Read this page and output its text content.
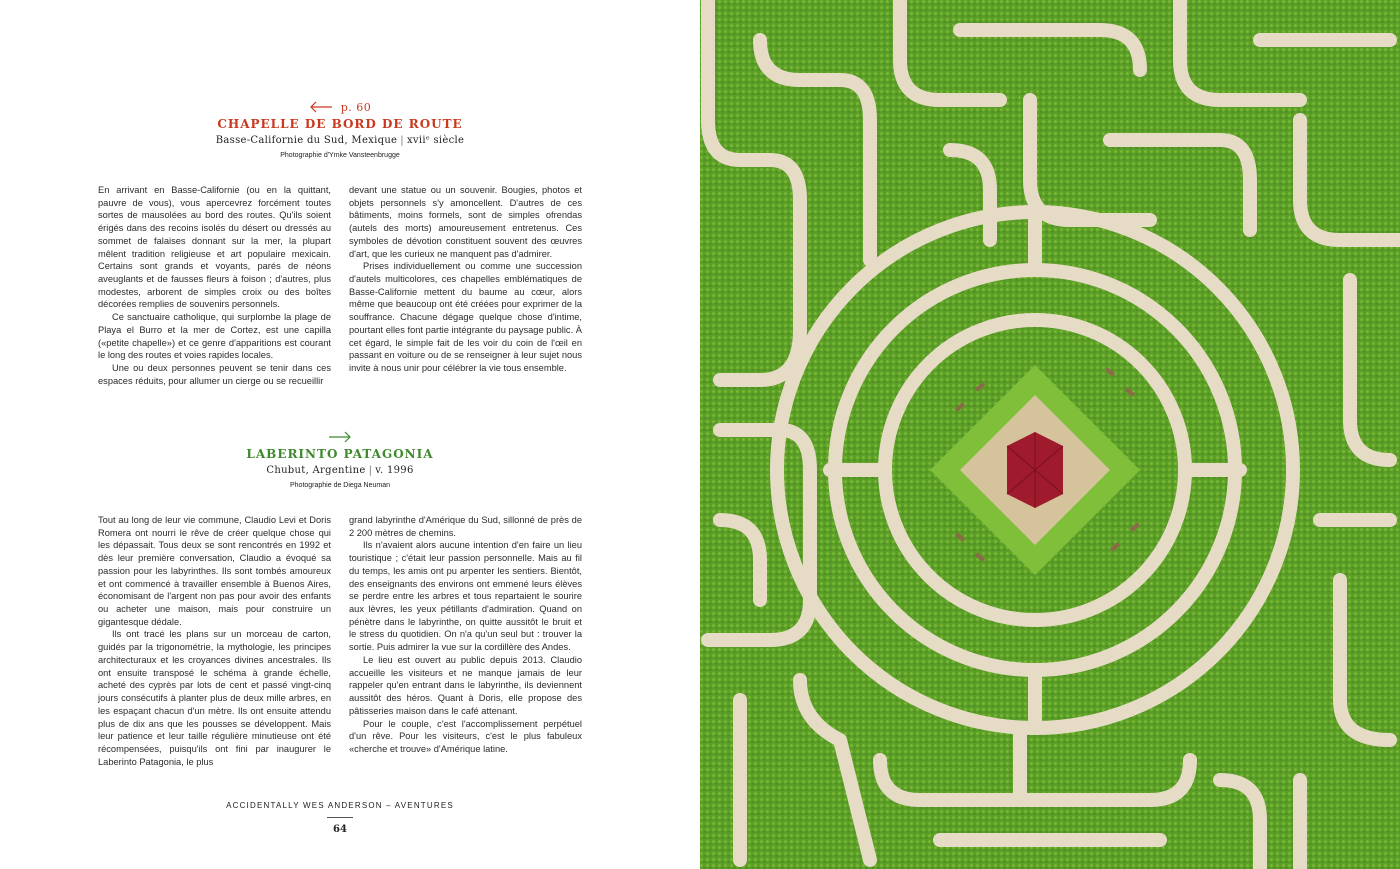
p. 60
CHAPELLE DE BORD DE ROUTE
Basse-Californie du Sud, Mexique | xviiᵉ siècle
Photographie d'Ymke Vansteenbrugge

En arrivant en Basse-Californie (ou en la quittant, pauvre de vous), vous apercevrez forcément toutes sortes de mausolées au bord des routes. Qu'ils soient érigés dans des recoins isolés du désert ou dressés au sommet de falaises donnant sur la mer, la plupart mêlent tradition religieuse et art populaire mexicain. Certains sont grands et voyants, parés de néons aveuglants et de fausses fleurs à foison ; d'autres, plus modestes, arborent de simples croix ou des boîtes décorées remplies de souvenirs personnels.

Ce sanctuaire catholique, qui surplombe la plage de Playa el Burro et la mer de Cortez, est une capilla («petite chapelle») et ce genre d'apparitions est courant le long des routes et voies rapides locales.

Une ou deux personnes peuvent se tenir dans ces espaces réduits, pour allumer un cierge ou se recueillir

devant une statue ou un souvenir. Bougies, photos et objets personnels s'y amoncellent. D'autres de ces bâtiments, moins formels, sont de simples ofrendas (autels des morts) amoureusement entretenus. Ces symboles de dévotion constituent souvent des œuvres d'art, que les curieux ne manquent pas d'admirer.

Prises individuellement ou comme une succession d'autels multicolores, ces chapelles emblématiques de Basse-Californie mettent du baume au cœur, alors même que beaucoup ont été créées pour exprimer de la souffrance. Chacune dégage quelque chose d'intime, pourtant elles font partie intégrante du paysage public. À cet égard, le simple fait de les voir du coin de l'œil en passant en voiture ou de se renseigner à leur sujet nous invite à nous unir pour célébrer la vie tous ensemble.

LABERINTO PATAGONIA
Chubut, Argentine | v. 1996
Photographie de Diega Neuman

Tout au long de leur vie commune, Claudio Levi et Doris Romera ont nourri le rêve de créer quelque chose qui les dépassait. Tous deux se sont rencontrés en 1992 et dès leur première conversation, Claudio a évoqué sa passion pour les labyrinthes. Ils sont tombés amoureux et ont commencé à travailler ensemble à Buenos Aires, économisant de l'argent non pas pour avoir des enfants ou acheter une maison, mais pour construire un gigantesque dédale.

Ils ont tracé les plans sur un morceau de carton, guidés par la trigonométrie, la mythologie, les principes architecturaux et les croyances divines ancestrales. Ils ont ensuite transposé le schéma à grande échelle, acheté des cyprès par lots de cent et passé vingt-cinq jours consécutifs à planter plus de deux mille arbres, en les espaçant chacun d'un mètre. Ils ont ensuite attendu plus de dix ans que les pousses se développent. Mais leur patience et leur taille régulière minutieuse ont été récompensées, puisqu'ils ont fini par inaugurer le Laberinto Patagonia, le plus

grand labyrinthe d'Amérique du Sud, sillonné de près de 2 200 mètres de chemins.

Ils n'avaient alors aucune intention d'en faire un lieu touristique ; c'était leur passion personnelle. Mais au fil du temps, les amis ont pu arpenter les sentiers. Bientôt, des enseignants des environs ont emmené leurs élèves se perdre entre les arbres et tous repartaient le sourire aux lèvres, les yeux pétillants d'admiration. Quand on pénètre dans le labyrinthe, on quitte aussitôt le bruit et le stress du quotidien. On n'a qu'un seul but : trouver la sortie. Puis admirer la vue sur la cordillère des Andes.

Le lieu est ouvert au public depuis 2013. Claudio accueille les visiteurs et ne manque jamais de leur rappeler qu'en entrant dans le labyrinthe, ils deviennent aussitôt des héros. Quant à Doris, elle propose des pâtisseries maison dans le café attenant.

Pour le couple, c'est l'accomplissement perpétuel d'un rêve. Pour les visiteurs, c'est le plus fabuleux «cherche et trouve» d'Amérique latine.

ACCIDENTALLY WES ANDERSON – AVENTURES
64
